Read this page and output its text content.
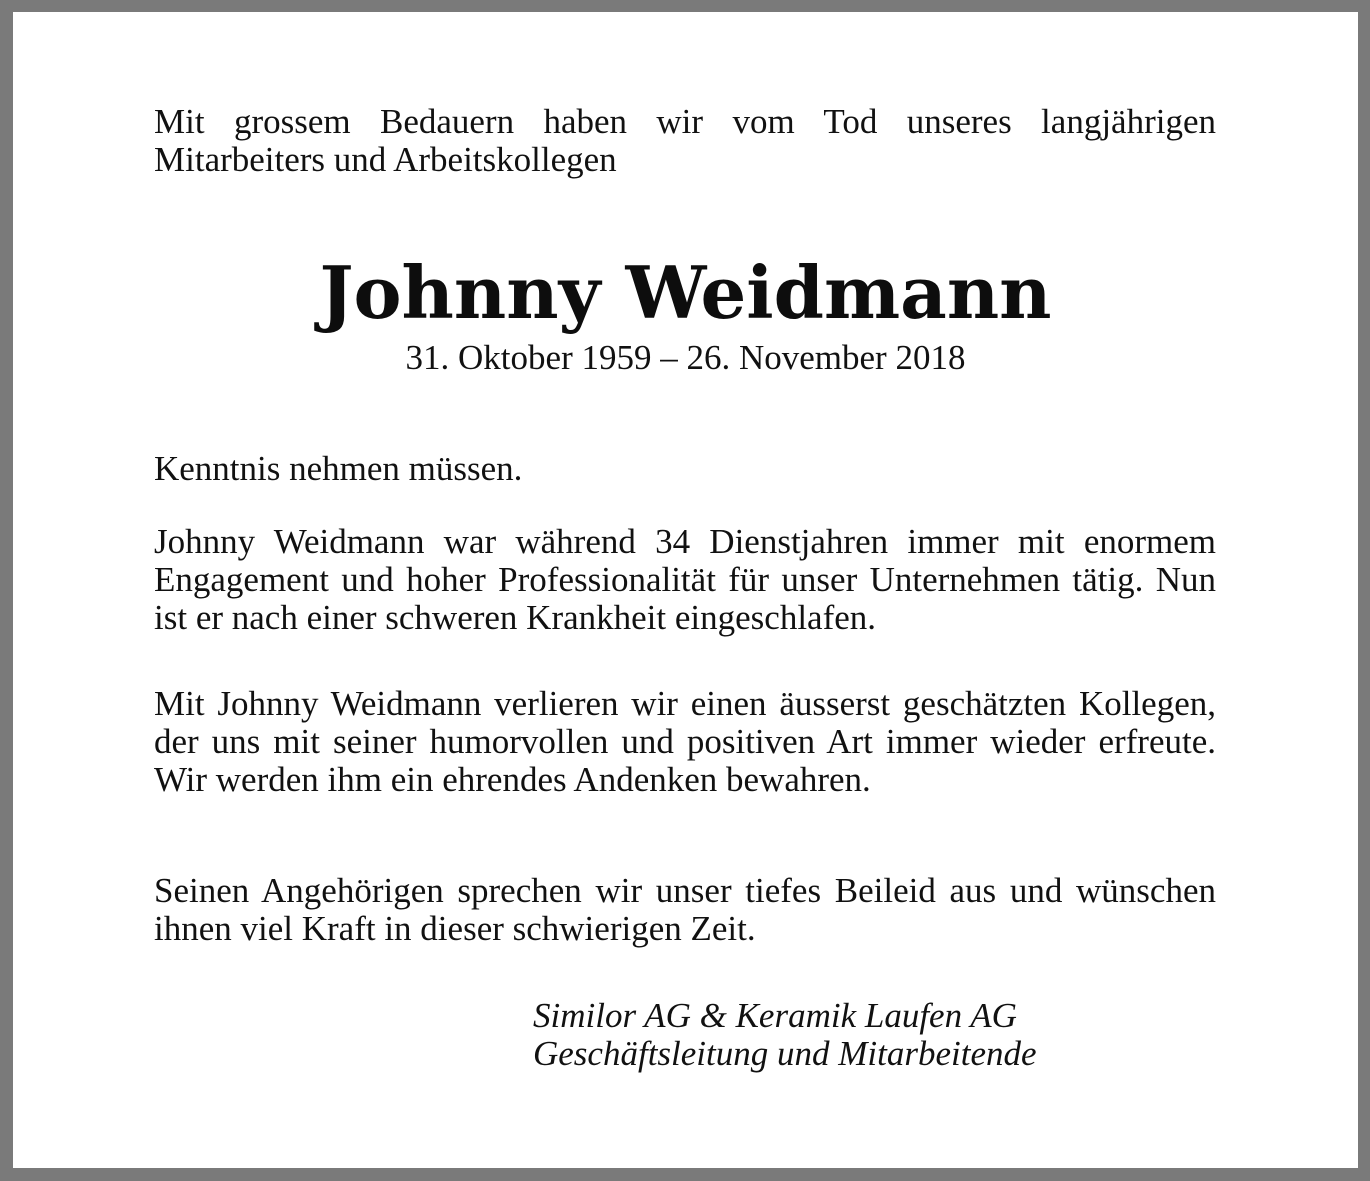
Mit grossem Bedauern haben wir vom Tod unseres langjährigen Mitarbeiters und Arbeitskollegen
Johnny Weidmann
31. Oktober 1959 – 26. November 2018
Kenntnis nehmen müssen.
Johnny Weidmann war während 34 Dienstjahren immer mit enormem Engagement und hoher Professionalität für unser Unternehmen tätig. Nun ist er nach einer schweren Krankheit eingeschlafen.
Mit Johnny Weidmann verlieren wir einen äusserst geschätzten Kollegen, der uns mit seiner humorvollen und positiven Art immer wieder erfreute. Wir werden ihm ein ehrendes Andenken bewahren.
Seinen Angehörigen sprechen wir unser tiefes Beileid aus und wünschen ihnen viel Kraft in dieser schwierigen Zeit.
Similor AG & Keramik Laufen AG
Geschäftsleitung und Mitarbeitende
